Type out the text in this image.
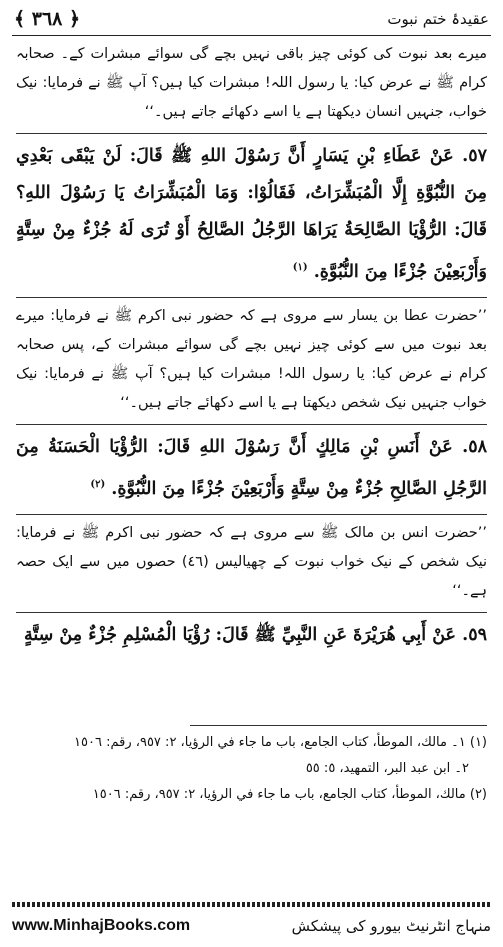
﴾ ٣٦٨ ﴿	عقیدۂ ختم نبوت

میرے بعد نبوت کی کوئی چیز باقی نہیں بچے گی سوائے مبشرات کے۔ صحابہ کرام ﷺ نے عرض کیا: یا رسول اللہ! مبشرات کیا ہیں؟ آپ ﷺ نے فرمایا: نیک خواب، جنہیں انسان دیکھتا ہے یا اسے دکھائے جاتے ہیں۔‘‘

٥٧. عَنْ عَطَاءِ بْنِ يَسَارٍ أَنَّ رَسُوْلَ اللهِ ﷺ قَالَ: لَنْ يَبْقَى بَعْدِي مِنَ النُّبُوَّةِ إِلَّا الْمُبَشِّرَاتُ، فَقَالُوْا: وَمَا الْمُبَشِّرَاتُ يَا رَسُوْلَ اللهِ؟ قَالَ: الرُّؤْيَا الصَّالِحَةُ يَرَاهَا الرَّجُلُ الصَّالِحُ أَوْ تُرَى لَهُ جُزْءٌ مِنْ سِتَّةٍ وَأَرْبَعِيْنَ جُزْءًا مِنَ النُّبُوَّةِ. $^{(١)}$

’’حضرت عطا بن یسار سے مروی ہے کہ حضور نبی اکرم ﷺ نے فرمایا: میرے بعد نبوت میں سے کوئی چیز نہیں بچے گی سوائے مبشرات کے، پس صحابہ کرام نے عرض کیا: یا رسول اللہ! مبشرات کیا ہیں؟ آپ ﷺ نے فرمایا: نیک خواب جنہیں نیک شخص دیکھتا ہے یا اسے دکھائے جاتے ہیں۔‘‘

٥٨. عَنْ أَنَسِ بْنِ مَالِكٍ أَنَّ رَسُوْلَ اللهِ قَالَ: الرُّؤْيَا الْحَسَنَةُ مِنَ الرَّجُلِ الصَّالِحِ جُزْءٌ مِنْ سِتَّةٍ وَأَرْبَعِيْنَ جُزْءًا مِنَ النُّبُوَّةِ. $^{(٢)}$

’’حضرت انس بن مالک ﷺ سے مروی ہے کہ حضور نبی اکرم ﷺ نے فرمایا: نیک شخص کے نیک خواب نبوت کے چھیالیس (٤٦) حصوں میں سے ایک حصہ ہے۔‘‘

٥٩. عَنْ أَبِي هُرَيْرَةَ عَنِ النَّبِيِّ ﷺ قَالَ: رُؤْيَا الْمُسْلِمِ جُزْءٌ مِنْ سِتَّةٍ

(١) ١۔ مالك، الموطأ، كتاب الجامع، باب ما جاء في الرؤيا، ٢: ٩٥٧، رقم: ١٥٠٦

٢۔ ابن عبد البر، التمهيد، ٥: ٥٥

(٢) مالك، الموطأ، كتاب الجامع، باب ما جاء في الرؤيا، ٢: ٩٥٧، رقم: ١٥٠٦

www.MinhajBooks.com	منہاج انٹرنیٹ بیورو کی پیشکش
